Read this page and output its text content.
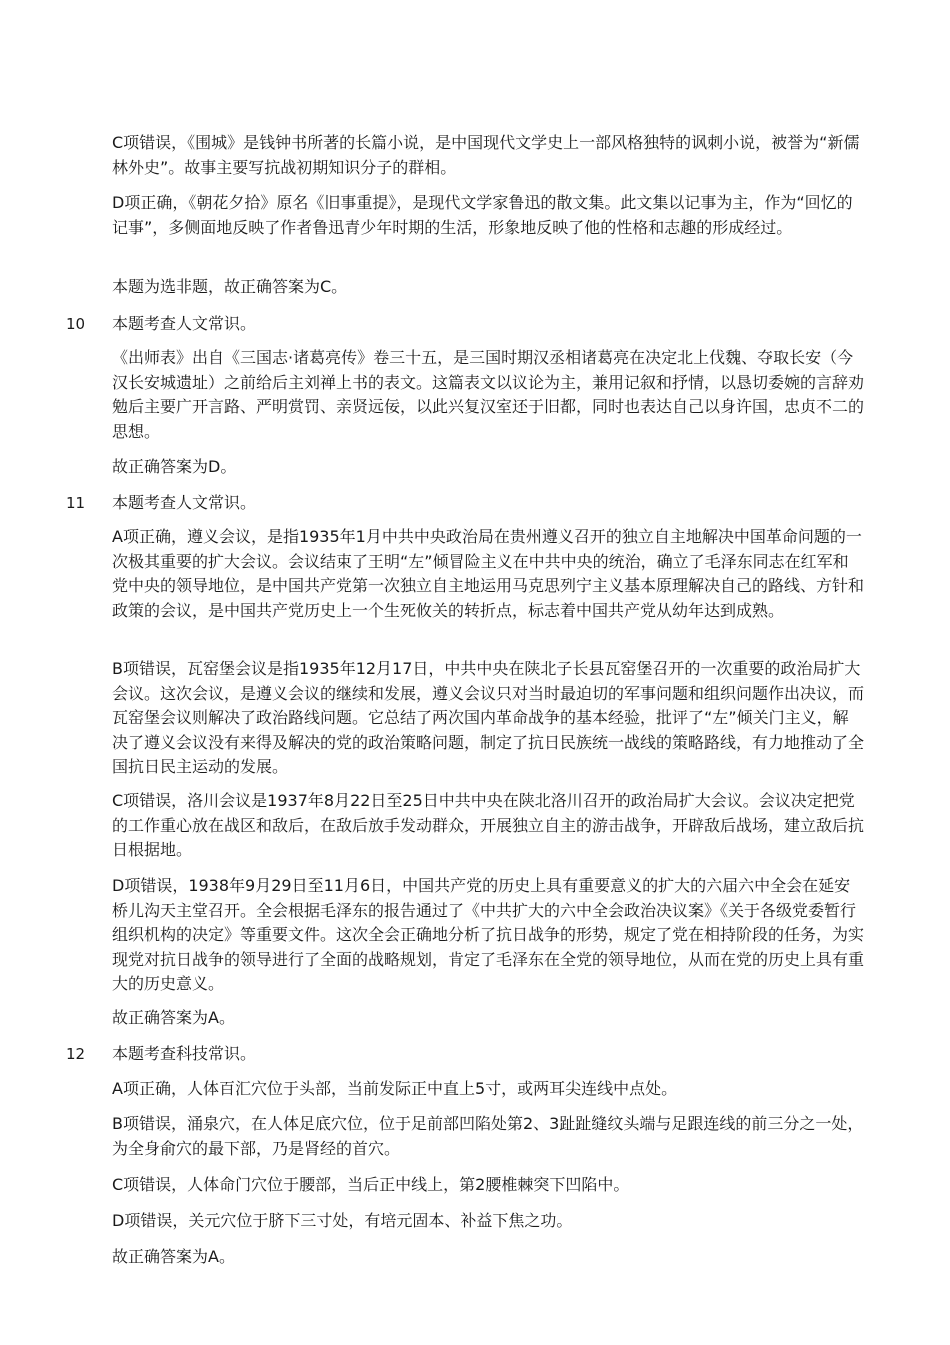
C项错误，《围城》是钱钟书所著的长篇小说，是中国现代文学史上一部风格独特的讽刺小说，被誉为“新儒林外史”。故事主要写抗战初期知识分子的群相。
D项正确，《朝花夕拾》原名《旧事重提》，是现代文学家鲁迅的散文集。此文集以记事为主，作为“回忆的记事”，多侧面地反映了作者鲁迅青少年时期的生活，形象地反映了他的性格和志趣的形成经过。
本题为选非题，故正确答案为C。
10 本题考查人文常识。
《出师表》出自《三国志·诸葛亮传》卷三十五，是三国时期汉丞相诸葛亮在决定北上伐魏、夺取长安（今汉长安城遗址）之前给后主刘禅上书的表文。这篇表文以议论为主，兼用记叙和抒情，以恳切委婉的言辞劝勉后主要广开言路、严明赏罚、亲贤远佞，以此兴复汉室还于旧都，同时也表达自己以身许国，忠贞不二的思想。
故正确答案为D。
11 本题考查人文常识。
A项正确，遵义会议，是指1935年1月中共中央政治局在贵州遵义召开的独立自主地解决中国革命问题的一次极其重要的扩大会议。会议结束了王明“左”倾冒险主义在中共中央的统治，确立了毛泽东同志在红军和党中央的领导地位，是中国共产党第一次独立自主地运用马克思列宁主义基本原理解决自己的路线、方针和政策的会议，是中国共产党历史上一个生死攸关的转折点，标志着中国共产党从幼年达到成熟。
B项错误，瓦窑堡会议是指1935年12月17日，中共中央在陕北子长县瓦窑堡召开的一次重要的政治局扩大会议。这次会议，是遵义会议的继续和发展，遵义会议只对当时最迫切的军事问题和组织问题作出决议，而瓦窑堡会议则解决了政治路线问题。它总结了两次国内革命战争的基本经验，批评了“左”倾关门主义，解决了遵义会议没有来得及解决的党的政治策略问题，制定了抗日民族统一战线的策略路线，有力地推动了全国抗日民主运动的发展。
C项错误，洛川会议是1937年8月22日至25日中共中央在陕北洛川召开的政治局扩大会议。会议决定把党的工作重心放在战区和敌后，在敌后放手发动群众，开展独立自主的游击战争，开辟敌后战场，建立敌后抗日根据地。
D项错误，1938年9月29日至11月6日，中国共产党的历史上具有重要意义的扩大的六届六中全会在延安桥儿沟天主堂召开。全会根据毛泽东的报告通过了《中共扩大的六中全会政治决议案》《关于各级党委暂行组织机构的决定》等重要文件。这次全会正确地分析了抗日战争的形势，规定了党在相持阶段的任务，为实现党对抗日战争的领导进行了全面的战略规划，肯定了毛泽东在全党的领导地位，从而在党的历史上具有重大的历史意义。
故正确答案为A。
12 本题考查科技常识。
A项正确，人体百汇穴位于头部，当前发际正中直上5寸，或两耳尖连线中点处。
B项错误，涌泉穴，在人体足底穴位，位于足前部凹陷处第2、3趾趾缝纹头端与足跟连线的前三分之一处，为全身俞穴的最下部，乃是肾经的首穴。
C项错误，人体命门穴位于腰部，当后正中线上，第2腰椎棘突下凹陷中。
D项错误，关元穴位于脐下三寸处，有培元固本、补益下焦之功。
故正确答案为A。
